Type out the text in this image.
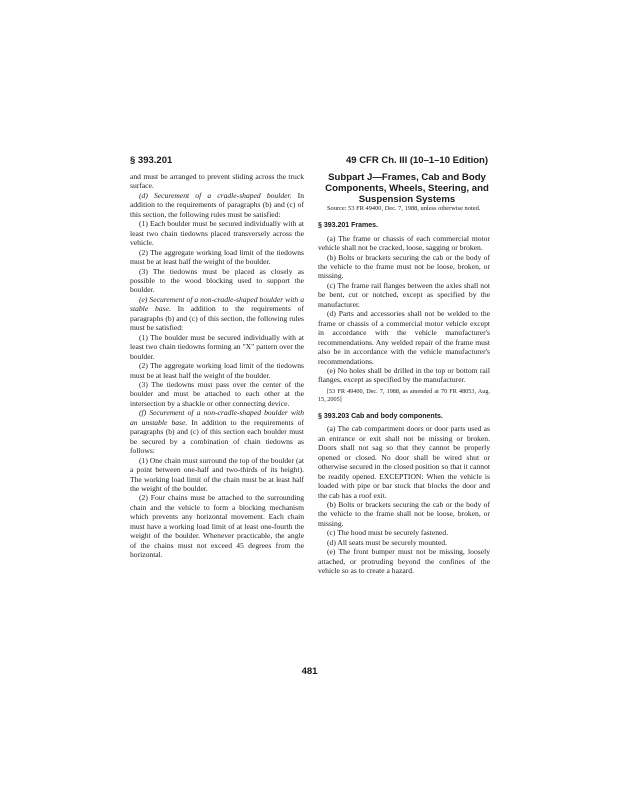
§ 393.201	49 CFR Ch. III (10–1–10 Edition)

and must be arranged to prevent sliding across the truck surface.

(d) Securement of a cradle-shaped boulder. In addition to the requirements of paragraphs (b) and (c) of this section, the following rules must be satisfied:

(1) Each boulder must be secured individually with at least two chain tiedowns placed transversely across the vehicle.

(2) The aggregate working load limit of the tiedowns must be at least half the weight of the boulder.

(3) The tiedowns must be placed as closely as possible to the wood blocking used to support the boulder.

(e) Securement of a non-cradle-shaped boulder with a stable base. In addition to the requirements of paragraphs (b) and (c) of this section, the following rules must be satisfied:

(1) The boulder must be secured individually with at least two chain tiedowns forming an "X" pattern over the boulder.

(2) The aggregate working load limit of the tiedowns must be at least half the weight of the boulder.

(3) The tiedowns must pass over the center of the boulder and must be attached to each other at the intersection by a shackle or other connecting device.

(f) Securement of a non-cradle-shaped boulder with an unstable base. In addition to the requirements of paragraphs (b) and (c) of this section each boulder must be secured by a combination of chain tiedowns as follows:

(1) One chain must surround the top of the boulder (at a point between one-half and two-thirds of its height). The working load limit of the chain must be at least half the weight of the boulder.

(2) Four chains must be attached to the surrounding chain and the vehicle to form a blocking mechanism which prevents any horizontal movement. Each chain must have a working load limit of at least one-fourth the weight of the boulder. Whenever practicable, the angle of the chains must not exceed 45 degrees from the horizontal.

Subpart J—Frames, Cab and Body Components, Wheels, Steering, and Suspension Systems

Source: 53 FR 49400, Dec. 7, 1988, unless otherwise noted.

§ 393.201 Frames.

(a) The frame or chassis of each commercial motor vehicle shall not be cracked, loose, sagging or broken.

(b) Bolts or brackets securing the cab or the body of the vehicle to the frame must not be loose, broken, or missing.

(c) The frame rail flanges between the axles shall not be bent, cut or notched, except as specified by the manufacturer.

(d) Parts and accessories shall not be welded to the frame or chassis of a commercial motor vehicle except in accordance with the vehicle manufacturer's recommendations. Any welded repair of the frame must also be in accordance with the vehicle manufacturer's recommendations.

(e) No holes shall be drilled in the top or bottom rail flanges, except as specified by the manufacturer.

[53 FR 49400, Dec. 7, 1988, as amended at 70 FR 48053, Aug. 15, 2005]

§ 393.203 Cab and body components.

(a) The cab compartment doors or door parts used as an entrance or exit shall not be missing or broken. Doors shall not sag so that they cannot be properly opened or closed. No door shall be wired shut or otherwise secured in the closed position so that it cannot be readily opened. EXCEPTION: When the vehicle is loaded with pipe or bar stock that blocks the door and the cab has a roof exit.

(b) Bolts or brackets securing the cab or the body of the vehicle to the frame shall not be loose, broken, or missing.

(c) The hood must be securely fastened.

(d) All seats must be securely mounted.

(e) The front bumper must not be missing, loosely attached, or protruding beyond the confines of the vehicle so as to create a hazard.

481
